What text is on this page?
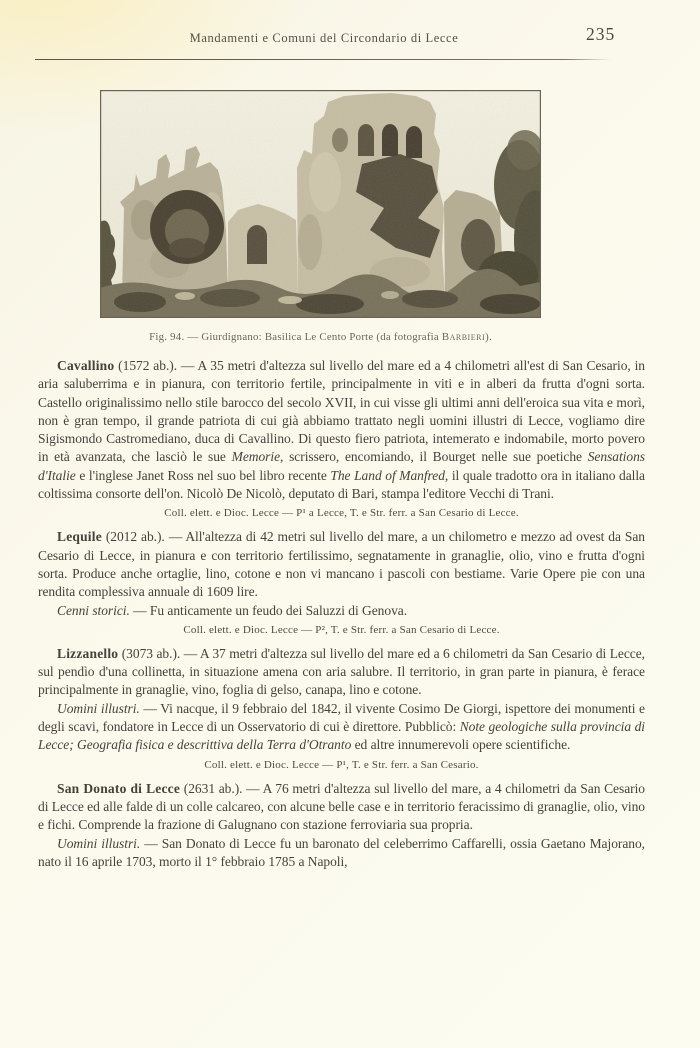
Mandamenti e Comuni del Circondario di Lecce	235
Fig. 94. — Giurdignano: Basilica Le Cento Porte (da fotografia Barbieri).

Cavallino (1572 ab.). — A 35 metri d'altezza sul livello del mare ed a 4 chilometri all'est di San Cesario, in aria saluberrima e in pianura, con territorio fertile, principalmente in viti e in alberi da frutta d'ogni sorta. Castello originalissimo nello stile barocco del secolo XVII, in cui visse gli ultimi anni dell'eroica sua vita e morì, non è gran tempo, il grande patriota di cui già abbiamo trattato negli uomini illustri di Lecce, vogliamo dire Sigismondo Castromediano, duca di Cavallino. Di questo fiero patriota, intemerato e indomabile, morto povero in età avanzata, che lasciò le sue Memorie, scrissero, encomiando, il Bourget nelle sue poetiche Sensations d'Italie e l'inglese Janet Ross nel suo bel libro recente The Land of Manfred, il quale tradotto ora in italiano dalla coltissima consorte dell'on. Nicolò De Nicolò, deputato di Bari, stampa l'editore Vecchi di Trani.

Coll. elett. e Dioc. Lecce — P¹ a Lecce, T. e Str. ferr. a San Cesario di Lecce.

Lequile (2012 ab.). — All'altezza di 42 metri sul livello del mare, a un chilometro e mezzo ad ovest da San Cesario di Lecce, in pianura e con territorio fertilissimo, segnatamente in granaglie, olio, vino e frutta d'ogni sorta. Produce anche ortaglie, lino, cotone e non vi mancano i pascoli con bestiame. Varie Opere pie con una rendita complessiva annuale di 1609 lire.

Cenni storici. — Fu anticamente un feudo dei Saluzzi di Genova.

Coll. elett. e Dioc. Lecce — P², T. e Str. ferr. a San Cesario di Lecce.

Lizzanello (3073 ab.). — A 37 metri d'altezza sul livello del mare ed a 6 chilometri da San Cesario di Lecce, sul pendìo d'una collinetta, in situazione amena con aria salubre. Il territorio, in gran parte in pianura, è ferace principalmente in granaglie, vino, foglia di gelso, canapa, lino e cotone.

Uomini illustri. — Vi nacque, il 9 febbraio del 1842, il vivente Cosimo De Giorgi, ispettore dei monumenti e degli scavi, fondatore in Lecce di un Osservatorio di cui è direttore. Pubblicò: Note geologiche sulla provincia di Lecce; Geografia fisica e descrittiva della Terra d'Otranto ed altre innumerevoli opere scientifiche.

Coll. elett. e Dioc. Lecce — P¹, T. e Str. ferr. a San Cesario.

San Donato di Lecce (2631 ab.). — A 76 metri d'altezza sul livello del mare, a 4 chilometri da San Cesario di Lecce ed alle falde di un colle calcareo, con alcune belle case e in territorio feracissimo di granaglie, olio, vino e fichi. Comprende la frazione di Galugnano con stazione ferroviaria sua propria.

Uomini illustri. — San Donato di Lecce fu un baronato del celeberrimo Caffarelli, ossia Gaetano Majorano, nato il 16 aprile 1703, morto il 1° febbraio 1785 a Napoli,
